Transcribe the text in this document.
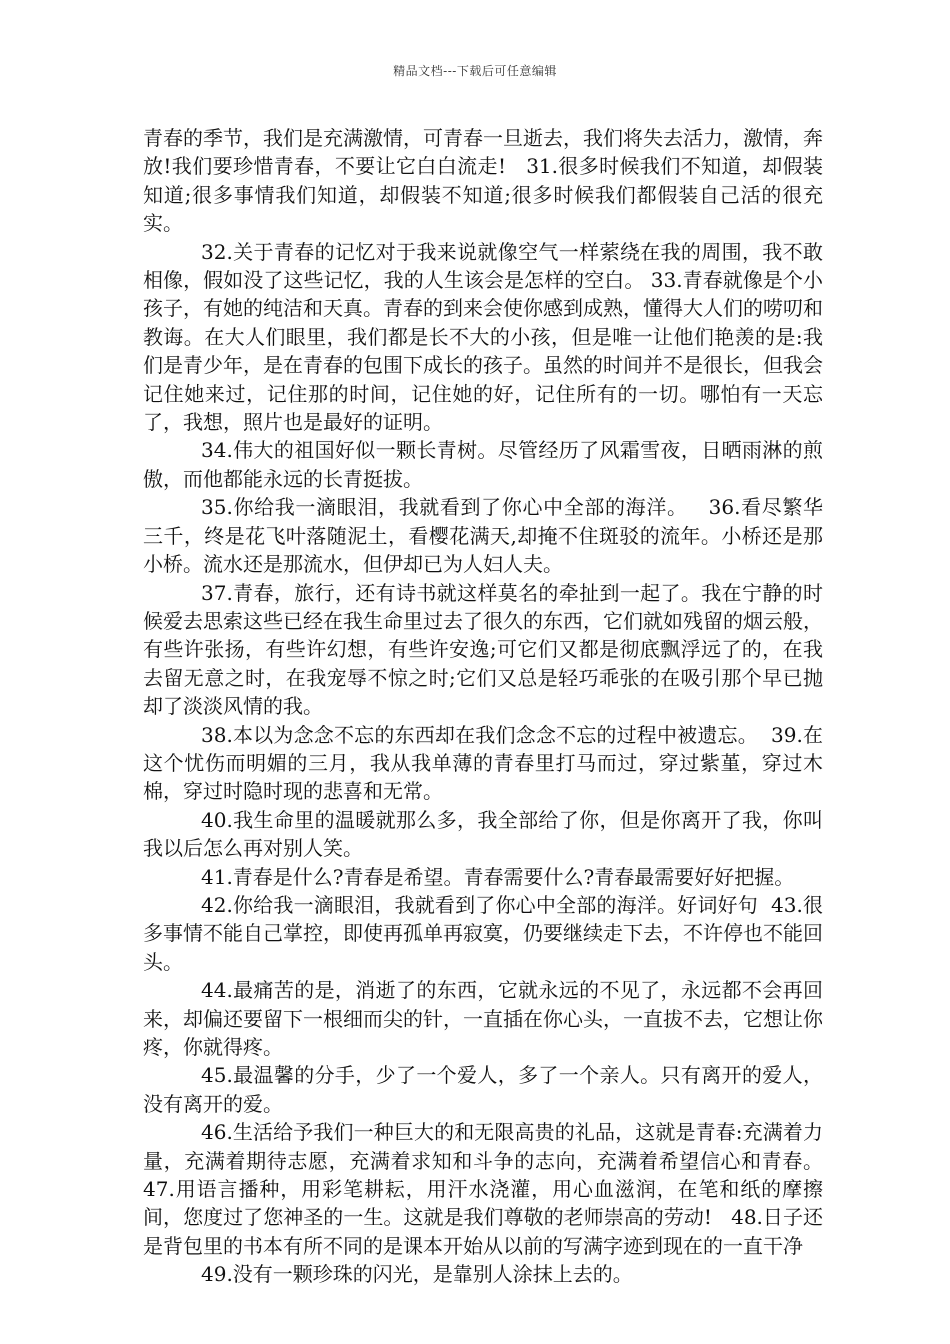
精品文档---下载后可任意编辑

青春的季节，我们是充满激情，可青春一旦逝去，我们将失去活力，激情，奔放!我们要珍惜青春，不要让它白白流走!   31.很多时候我们不知道，却假装知道;很多事情我们知道，却假装不知道;很多时候我们都假装自己活的很充实。

32.关于青春的记忆对于我来说就像空气一样萦绕在我的周围，我不敢相像，假如没了这些记忆，我的人生该会是怎样的空白。 33.青春就像是个小孩子，有她的纯洁和天真。青春的到来会使你感到成熟，懂得大人们的唠叨和教诲。在大人们眼里，我们都是长不大的小孩，但是唯一让他们艳羡的是:我们是青少年，是在青春的包围下成长的孩子。虽然的时间并不是很长，但我会记住她来过，记住那的时间，记住她的好，记住所有的一切。哪怕有一天忘了，我想，照片也是最好的证明。

34.伟大的祖国好似一颗长青树。尽管经历了风霜雪夜，日晒雨淋的煎傲，而他都能永远的长青挺拔。

35.你给我一滴眼泪，我就看到了你心中全部的海洋。   36.看尽繁华三千，终是花飞叶落随泥土，看樱花满天,却掩不住斑驳的流年。小桥还是那小桥。流水还是那流水，但伊却已为人妇人夫。

37.青春，旅行，还有诗书就这样莫名的牵扯到一起了。我在宁静的时候爱去思索这些已经在我生命里过去了很久的东西，它们就如残留的烟云般，有些许张扬，有些许幻想，有些许安逸;可它们又都是彻底飘浮远了的，在我去留无意之时，在我宠辱不惊之时;它们又总是轻巧乖张的在吸引那个早已抛却了淡淡风情的我。

38.本以为念念不忘的东西却在我们念念不忘的过程中被遗忘。  39.在这个忧伤而明媚的三月，我从我单薄的青春里打马而过，穿过紫堇，穿过木棉，穿过时隐时现的悲喜和无常。

40.我生命里的温暖就那么多，我全部给了你，但是你离开了我，你叫我以后怎么再对别人笑。

41.青春是什么?青春是希望。青春需要什么?青春最需要好好把握。

42.你给我一滴眼泪，我就看到了你心中全部的海洋。好词好句  43.很多事情不能自己掌控，即使再孤单再寂寞，仍要继续走下去，不许停也不能回头。

44.最痛苦的是，消逝了的东西，它就永远的不见了，永远都不会再回来，却偏还要留下一根细而尖的针，一直插在你心头，一直拔不去，它想让你疼，你就得疼。

45.最温馨的分手，少了一个爱人，多了一个亲人。只有离开的爱人，没有离开的爱。

46.生活给予我们一种巨大的和无限高贵的礼品，这就是青春:充满着力量，充满着期待志愿，充满着求知和斗争的志向，充满着希望信心和青春。   47.用语言播种，用彩笔耕耘，用汗水浇灌，用心血滋润，在笔和纸的摩擦间，您度过了您神圣的一生。这就是我们尊敬的老师崇高的劳动!   48.日子还是背包里的书本有所不同的是课本开始从以前的写满字迹到现在的一直干净

49.没有一颗珍珠的闪光，是靠别人涂抹上去的。
